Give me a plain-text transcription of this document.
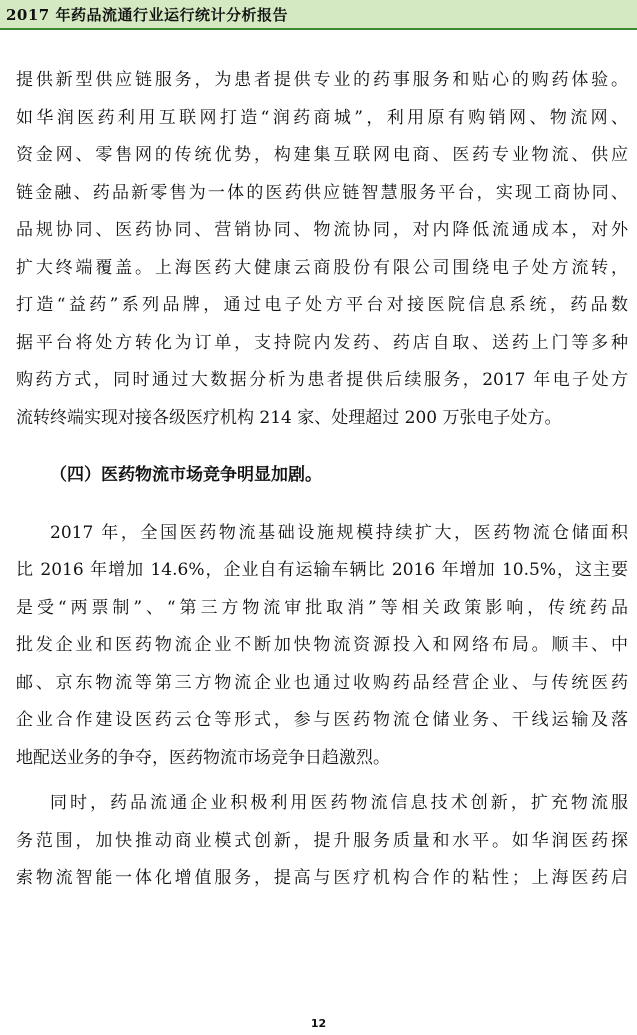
2017 年药品流通行业运行统计分析报告
提供新型供应链服务，为患者提供专业的药事服务和贴心的购药体验。
如华润医药利用互联网打造“润药商城”，利用原有购销网、物流网、
资金网、零售网的传统优势，构建集互联网电商、医药专业物流、供应
链金融、药品新零售为一体的医药供应链智慧服务平台，实现工商协同、
品规协同、医药协同、营销协同、物流协同，对内降低流通成本，对外
扩大终端覆盖。上海医药大健康云商股份有限公司围绕电子处方流转，
打造“益药”系列品牌，通过电子处方平台对接医院信息系统，药品数
据平台将处方转化为订单，支持院内发药、药店自取、送药上门等多种
购药方式，同时通过大数据分析为患者提供后续服务，2017 年电子处方
流转终端实现对接各级医疗机构 214 家、处理超过 200 万张电子处方。
（四）医药物流市场竞争明显加剧。
2017 年，全国医药物流基础设施规模持续扩大，医药物流仓储面积
比 2016 年增加 14.6%，企业自有运输车辆比 2016 年增加 10.5%，这主要
是受“两票制”、“第三方物流审批取消”等相关政策影响，传统药品
批发企业和医药物流企业不断加快物流资源投入和网络布局。顺丰、中
邮、京东物流等第三方物流企业也通过收购药品经营企业、与传统医药
企业合作建设医药云仓等形式，参与医药物流仓储业务、干线运输及落
地配送业务的争夺，医药物流市场竞争日趋激烈。
同时，药品流通企业积极利用医药物流信息技术创新，扩充物流服
务范围，加快推动商业模式创新，提升服务质量和水平。如华润医药探
索物流智能一体化增值服务，提高与医疗机构合作的粘性；上海医药启
12
